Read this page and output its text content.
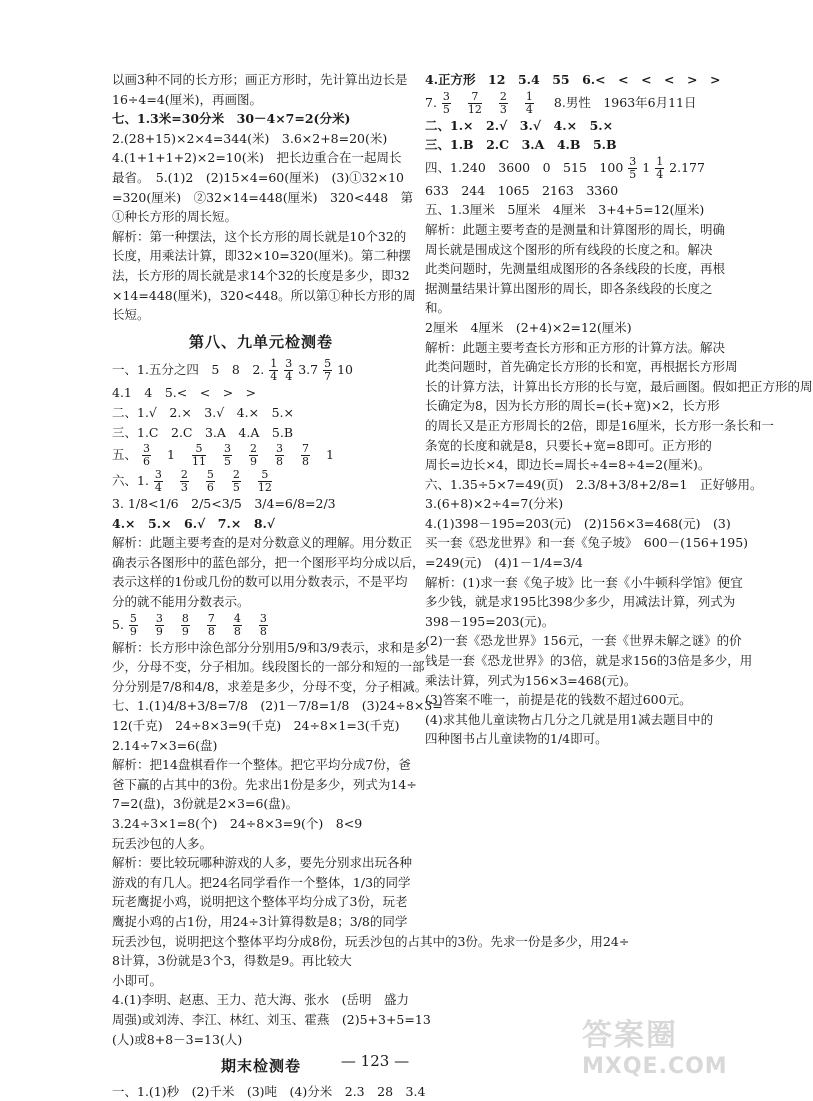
以画3种不同的长方形；画正方形时，先计算出边长是
16÷4=4(厘米)，再画图。
七、1.3米=30分米　30－4×7=2(分米)
2.(28+15)×2×4=344(米)　3.6×2+8=20(米)
4.(1+1+1+2)×2=10(米)　把长边重合在一起周长
最省。　5.(1)2　(2)15×4=60(厘米)　(3)①32×10
=320(厘米)　②32×14=448(厘米)　320<448　第
①种长方形的周长短。
解析：第一种摆法，这个长方形的周长就是10个32的
长度，用乘法计算，即32×10=320(厘米)。第二种摆
法，长方形的周长就是求14个32的长度是多少，即32
×14=448(厘米)，320<448。所以第①种长方形的周
长短。
第八、九单元检测卷
一、1.五分之四　5　8　2. $\frac{1}{4}$
$\frac{3}{4} 3.7 \frac{5}{7} 10$
4.1　4　5.<　<　>　>
二、1.√　2.×　3.√　4.×　5.×
三、1.C　2.C　3.A　4.A　5.B
五、 $\frac{3}{6} 1 \frac{5}{11} \frac{3}{5} \frac{2}{9} \frac{3}{8} \frac{7}{8} 1$
六、1. $\frac{3}{4} \frac{2}{3} \frac{5}{6} \frac{2}{5} \frac{5}{12}$
3. 1/8<1/6　2/5<3/5　3/4=6/8=2/3
4.×　5.×　6.√　7.×　8.√
解析：此题主要考查的是对分数意义的理解。用分数正
确表示各图形中的蓝色部分，把一个图形平均分成以后，
表示这样的1份或几份的数可以用分数表示，不是平均
分的就不能用分数表示。
5. $\frac{5}{9} \frac{3}{9} \frac{8}{9} \frac{7}{8} \frac{4}{8} \frac{3}{8}$
解析：长方形中涂色部分分别用5/9和3/9表示，求和是多
少，分母不变，分子相加。线段图长的一部分和短的一部
分分别是7/8和4/8，求差是多少，分母不变，分子相减。
七、1.(1)4/8+3/8=7/8　(2)1－7/8=1/8　(3)24÷8×3=
12(千克)　24÷8×3=9(千克)　24÷8×1=3(千克)
2.14÷7×3=6(盘)
解析：把14盘棋看作一个整体。把它平均分成7份，爸
爸下赢的占其中的3份。先求出1份是多少，列式为14÷
7=2(盘)，3份就是2×3=6(盘)。
3.24÷3×1=8(个)　24÷8×3=9(个)　8<9
玩丢沙包的人多。
解析：要比较玩哪种游戏的人多，要先分别求出玩各种
游戏的有几人。把24名同学看作一个整体，1/3的同学
玩老鹰捉小鸡，说明把这个整体平均分成了3份，玩老
鹰捉小鸡的占1份，用24÷3计算得数是8；3/8的同学
玩丢沙包，说明把这个整体平均分成8份，玩丢沙包的占其中的3份。先求一份是多少，用24÷
8计算，3份就是3个3，得数是9。再比较大
小即可。
4.(1)李明、赵惠、王力、范大海、张水　(岳明　盛力
周强)或刘涛、李江、林红、刘玉、霍燕　(2)5+3+5=13
(人)或8+8－3=13(人)
期末检测卷
一、1.(1)秒　(2)千米　(3)吨　(4)分米　2.3　28　3.4
4.正方形　12　5.4　55　6.<　<　<　<　>　>
7. $\frac{3}{5} \frac{7}{12} \frac{2}{3} \frac{1}{4} 8$.男性　1963年6月11日
二、1.×　2.√　3.√　4.×　5.×
三、1.B　2.C　3.A　4.B　5.B
四、1.240　3600　0　515　$100 \frac{3}{5} 1 \frac{1}{4} 2.177$
633　244　1065　2163　3360
五、1.3厘米　5厘米　4厘米　3+4+5=12(厘米)
解析：此题主要考查的是测量和计算图形的周长，明确
周长就是围成这个图形的所有线段的长度之和。解决
此类问题时，先测量组成图形的各条线段的长度，再根
据测量结果计算出图形的周长，即各条线段的长度之
和。
2厘米　4厘米　(2+4)×2=12(厘米)
解析：此题主要考查长方形和正方形的计算方法。解决
此类问题时，首先确定长方形的长和宽，再根据长方形周
长的计算方法，计算出长方形的长与宽，最后画图。假如把正方形的周
长确定为8，因为长方形的周长=(长+宽)×2，长方形
的周长又是正方形周长的2倍，即是16厘米，长方形一条长和一
条宽的长度和就是8，只要长+宽=8即可。正方形的
周长=边长×4，即边长=周长÷4=8÷4=2(厘米)。
六、1.35÷5×7=49(页)　2.3/8+3/8+2/8=1　正好够用。
3.(6+8)×2÷4=7(分米)
4.(1)398－195=203(元)　(2)156×3=468(元)　(3)
买一套《恐龙世界》和一套《兔子坡》　600－(156+195)
=249(元)　(4)1－1/4=3/4
解析：(1)求一套《兔子坡》比一套《小牛顿科学馆》便宜
多少钱，就是求195比398少多少，用减法计算，列式为
398－195=203(元)。
(2)一套《恐龙世界》156元，一套《世界未解之谜》的价
钱是一套《恐龙世界》的3倍，就是求156的3倍是多少，用
乘法计算，列式为156×3=468(元)。
(3)答案不唯一，前提是花的钱数不超过600元。
(4)求其他儿童读物占几分之几就是用1减去题目中的
四种图书占儿童读物的1/4即可。
— 123 —
答案圈
MXQE.COM
